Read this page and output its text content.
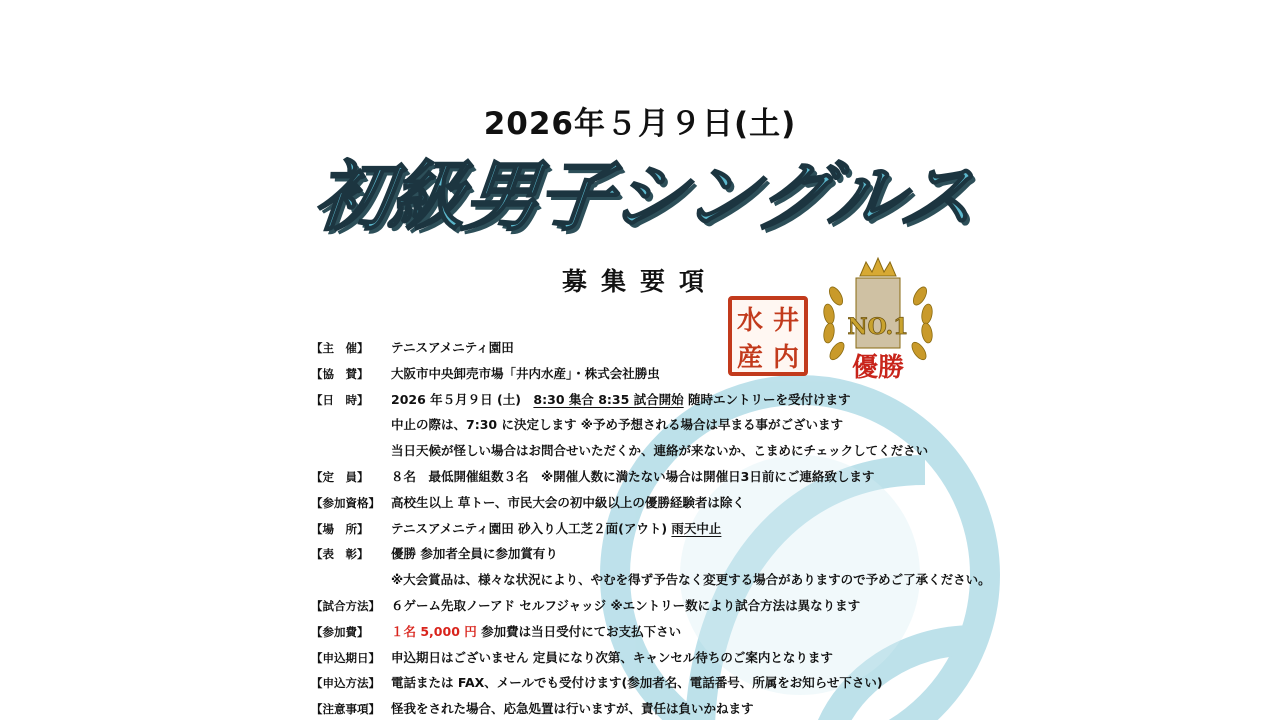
2026年５月９日(土)
初級男子シングルス
募集要項
井
内
水
産
NO.1
優勝
【主　催】	テニスアメニティ園田
【協　賛】	大阪市中央卸売市場「井内水産」・株式会社勝虫
【日　時】	2026 年５月９日 (土)　8:30 集合 8:35 試合開始 随時エントリーを受付けます
中止の際は、7:30 に決定します ※予め予想される場合は早まる事がございます
当日天候が怪しい場合はお問合せいただくか、連絡が来ないか、こまめにチェックしてください
【定　員】	８名　最低開催組数３名　※開催人数に満たない場合は開催日3日前にご連絡致します
【参加資格】 高校生以上 草トー、市民大会の初中級以上の優勝経験者は除く
【場　所】	テニスアメニティ園田 砂入り人工芝２面(アウト) 雨天中止
【表　彰】	優勝 参加者全員に参加賞有り
※大会賞品は、様々な状況により、やむを得ず予告なく変更する場合がありますので予めご了承ください。
【試合方法】 ６ゲーム先取ノーアド セルフジャッジ ※エントリー数により試合方法は異なります
【参加費】	１名 5,000 円 参加費は当日受付にてお支払下さい
【申込期日】 申込期日はございません 定員になり次第、キャンセル待ちのご案内となります
【申込方法】 電話または FAX、メールでも受付けます(参加者名、電話番号、所属をお知らせ下さい)
【注意事項】 怪我をされた場合、応急処置は行いますが、責任は負いかねます
